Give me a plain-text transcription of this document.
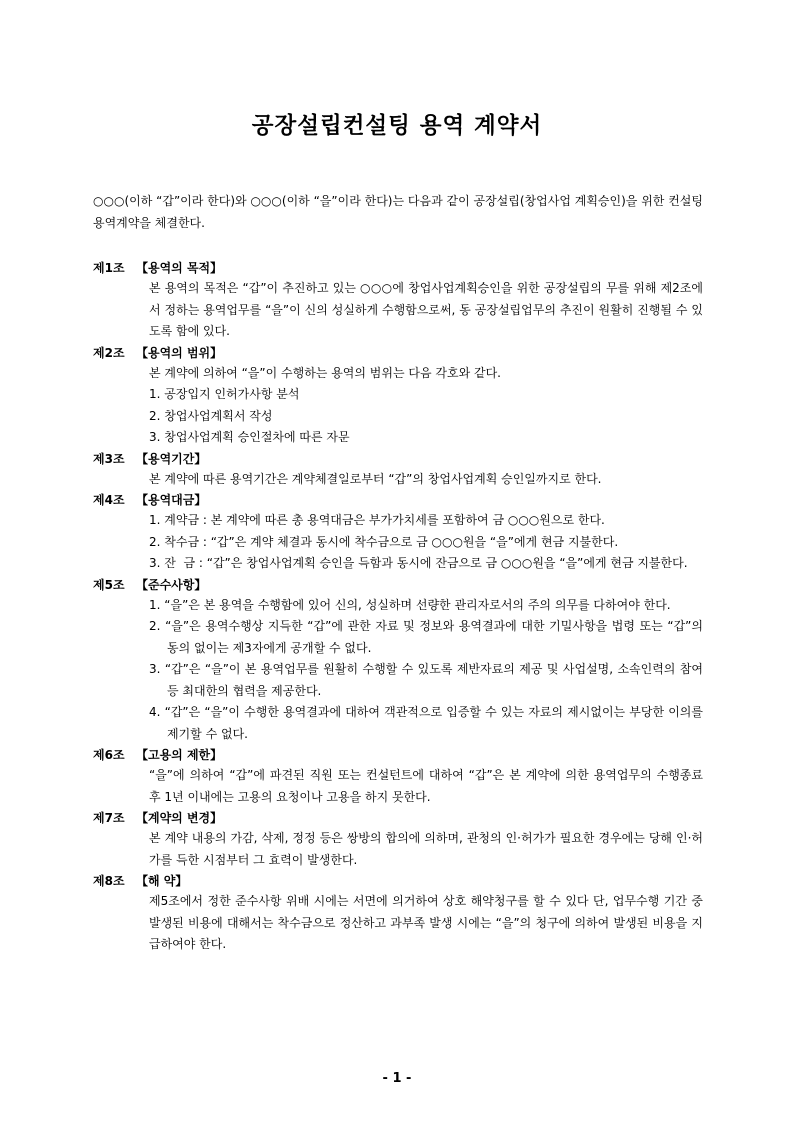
공장설립컨설팅 용역 계약서
○○○(이하 “갑”이라 한다)와 ○○○(이하 “을”이라 한다)는 다음과 같이 공장설립(창업사업 계획승인)을 위한 컨설팅 용역계약을 체결한다.
제1조 【용역의 목적】
본 용역의 목적은 “갑”이 추진하고 있는 ○○○에 창업사업계획승인을 위한 공장설립의 무를 위해 제2조에서 정하는 용역업무를 “을”이 신의 성실하게 수행함으로써, 동 공장설립업무의 추진이 원활히 진행될 수 있도록 함에 있다.
제2조 【용역의 범위】
본 계약에 의하여 “을”이 수행하는 용역의 범위는 다음 각호와 같다.
1. 공장입지 인허가사항 분석
2. 창업사업계획서 작성
3. 창업사업계획 승인절차에 따른 자문
제3조 【용역기간】
본 계약에 따른 용역기간은 계약체결일로부터 “갑”의 창업사업계획 승인일까지로 한다.
제4조 【용역대금】
1. 계약금 : 본 계약에 따른 총 용역대금은 부가가치세를 포함하여 금 ○○○원으로 한다.
2. 착수금 : “갑”은 계약 체결과 동시에 착수금으로 금 ○○○원을 “을”에게 현금 지불한다.
3. 잔  금 : “갑”은 창업사업계획 승인을 득함과 동시에 잔금으로 금 ○○○원을 “을”에게 현금 지불한다.
제5조 【준수사항】
1. “을”은 본 용역을 수행함에 있어 신의, 성실하며 선량한 관리자로서의 주의 의무를 다하여야 한다.
2. “을”은 용역수행상 지득한 “갑”에 관한 자료 및 정보와 용역결과에 대한 기밀사항을 법령 또는 “갑”의 동의 없이는 제3자에게 공개할 수 없다.
3. “갑”은 “을”이 본 용역업무를 원활히 수행할 수 있도록 제반자료의 제공 및 사업설명, 소속인력의 참여 등 최대한의 협력을 제공한다.
4. “갑”은 “을”이 수행한 용역결과에 대하여 객관적으로 입증할 수 있는 자료의 제시없이는 부당한 이의를 제기할 수 없다.
제6조 【고용의 제한】
“을”에 의하여 “갑”에 파견된 직원 또는 컨설턴트에 대하여 “갑”은 본 계약에 의한 용역업무의 수행종료 후 1년 이내에는 고용의 요청이나 고용을 하지 못한다.
제7조 【계약의 변경】
본 계약 내용의 가감, 삭제, 정정 등은 쌍방의 합의에 의하며, 관청의 인·허가가 필요한 경우에는 당해 인·허가를 득한 시점부터 그 효력이 발생한다.
제8조 【해 약】
제5조에서 정한 준수사항 위배 시에는 서면에 의거하여 상호 해약청구를 할 수 있다 단, 업무수행 기간 중 발생된 비용에 대해서는 착수금으로 정산하고 과부족 발생 시에는 “을”의 청구에 의하여 발생된 비용을 지급하여야 한다.
- 1 -
